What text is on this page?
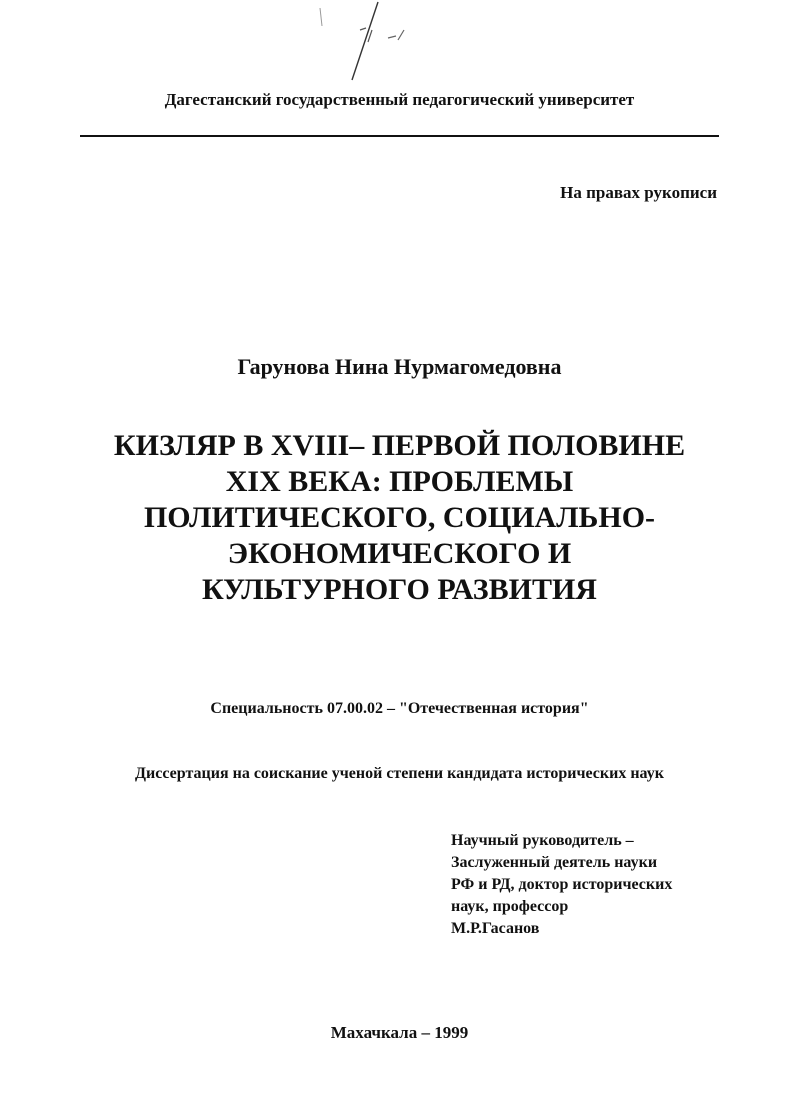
Дагестанский государственный педагогический университет
На правах рукописи
Гарунова Нина Нурмагомедовна
КИЗЛЯР В XVIII– ПЕРВОЙ ПОЛОВИНЕ
XIX ВЕКА: ПРОБЛЕМЫ
ПОЛИТИЧЕСКОГО, СОЦИАЛЬНО-
ЭКОНОМИЧЕСКОГО И
КУЛЬТУРНОГО РАЗВИТИЯ
Специальность 07.00.02 – "Отечественная история"
Диссертация на соискание ученой степени кандидата исторических наук
Научный руководитель –
Заслуженный деятель науки
РФ и РД, доктор исторических
наук, профессор
М.Р.Гасанов
Махачкала – 1999
